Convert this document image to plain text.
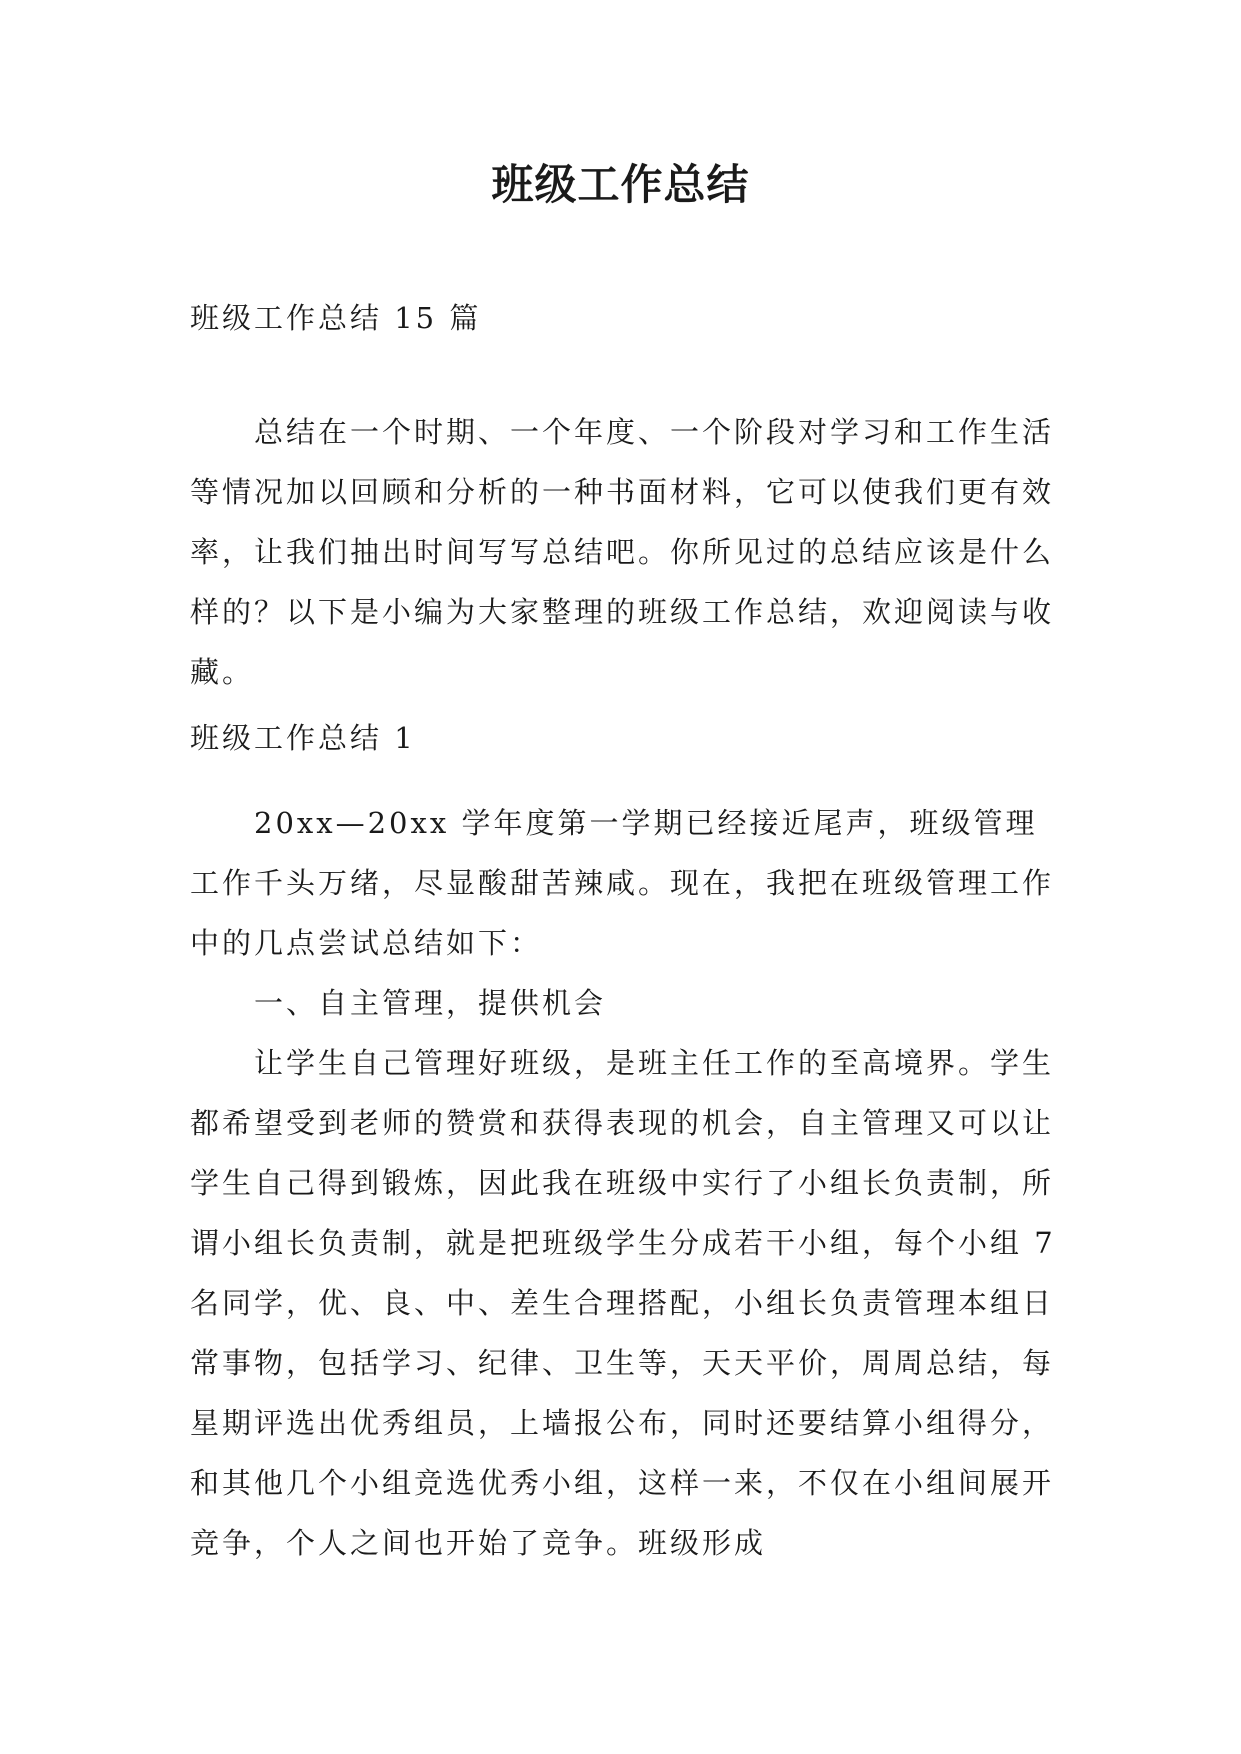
班级工作总结
班级工作总结 15 篇

总结在一个时期、一个年度、一个阶段对学习和工作生活等情况加以回顾和分析的一种书面材料，它可以使我们更有效率，让我们抽出时间写写总结吧。你所见过的总结应该是什么样的？以下是小编为大家整理的班级工作总结，欢迎阅读与收藏。

班级工作总结 1

20xx—20xx 学年度第一学期已经接近尾声，班级管理工作千头万绪，尽显酸甜苦辣咸。现在，我把在班级管理工作中的几点尝试总结如下：

一、自主管理，提供机会

让学生自己管理好班级，是班主任工作的至高境界。学生都希望受到老师的赞赏和获得表现的机会，自主管理又可以让学生自己得到锻炼，因此我在班级中实行了小组长负责制，所谓小组长负责制，就是把班级学生分成若干小组，每个小组 7 名同学，优、良、中、差生合理搭配，小组长负责管理本组日常事物，包括学习、纪律、卫生等，天天平价，周周总结，每星期评选出优秀组员，上墙报公布，同时还要结算小组得分，和其他几个小组竞选优秀小组，这样一来，不仅在小组间展开竞争，个人之间也开始了竞争。班级形成
